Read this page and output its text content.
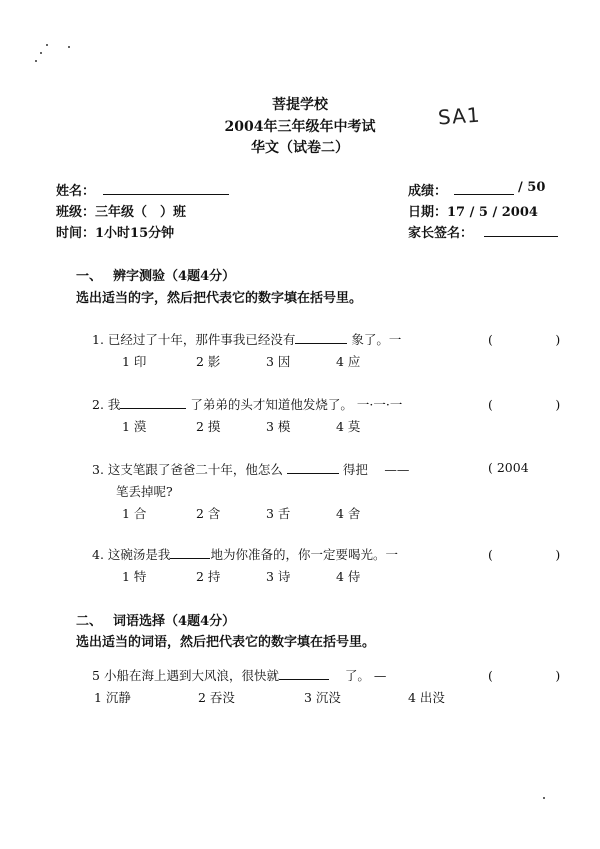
菩提学校
2004年三年级年中考试
华文（试卷二）
SA1
姓名：
班级：三年级（　）班
时间：1小时15分钟
成绩：	/ 50
日期：17 / 5 / 2004
家长签名：
一、　 辨字测验（4题4分）
选出适当的字，然后把代表它的数字填在括号里。
1. 已经过了十年，那件事我已经没有	象了。一	(　　　　　)
1 印	2 影	3 因	4 应
2. 我	了弟弟的头才知道他发烧了。 一·一·一	(　　　　　)
1 漠	2 摸	3 模	4 莫
3. 这支笔跟了爸爸二十年，他怎么	得把　 ——	( 2004
笔丢掉呢?
1 合	2 含	3 舌	4 舍
4. 这碗汤是我	地为你准备的，你一定要喝光。一	(　　　　　)
1 特	2 持	3 诗	4 侍
二、　 词语选择（4题4分）
选出适当的词语，然后把代表它的数字填在括号里。
5 小船在海上遇到大风浪，很快就	了。 —	(　　　　　)
1 沉静	2 吞没	3 沉没	4 出没
